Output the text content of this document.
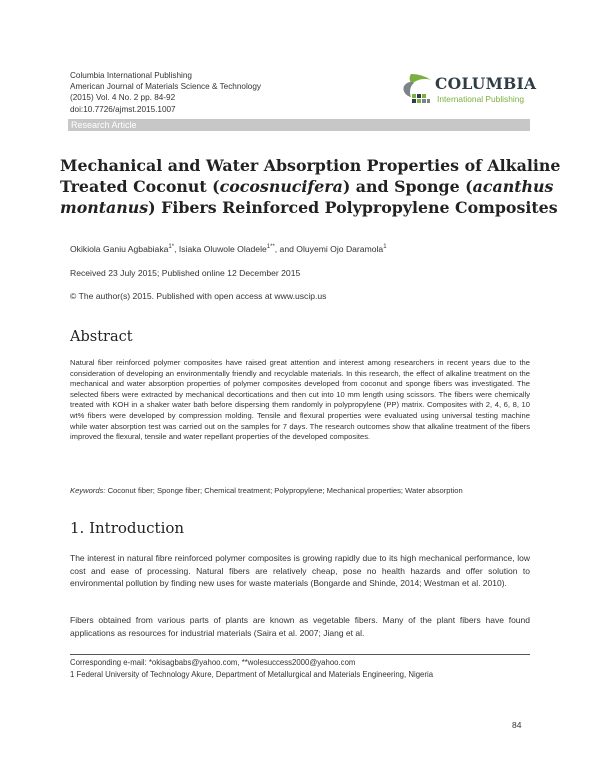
Columbia International Publishing
American Journal of Materials Science & Technology
(2015) Vol. 4 No. 2 pp. 84-92
doi:10.7726/ajmst.2015.1007
Research Article
COLUMBIA
International Publishing
Mechanical and Water Absorption Properties of Alkaline
Treated Coconut (cocosnucifera) and Sponge (acanthus
montanus) Fibers Reinforced Polypropylene Composites
Okikiola Ganiu Agbabiaka$^{1*}$, Isiaka Oluwole Oladele$^{1**}$, and Oluyemi Ojo Daramola$^1$
Received 23 July 2015; Published online 12 December 2015
© The author(s) 2015. Published with open access at www.uscip.us
Abstract
Natural fiber reinforced polymer composites have raised great attention and interest among researchers in recent years due to the consideration of developing an environmentally friendly and recyclable materials. In this research, the effect of alkaline treatment on the mechanical and water absorption properties of polymer composites developed from coconut and sponge fibers was investigated. The selected fibers were extracted by mechanical decortications and then cut into 10 mm length using scissors. The fibers were chemically treated with KOH in a shaker water bath before dispersing them randomly in polypropylene (PP) matrix. Composites with 2, 4, 6, 8, 10 wt% fibers were developed by compression molding. Tensile and flexural properties were evaluated using universal testing machine while water absorption test was carried out on the samples for 7 days. The research outcomes show that alkaline treatment of the fibers improved the flexural, tensile and water repellant properties of the developed composites.
Keywords: Coconut fiber; Sponge fiber; Chemical treatment; Polypropylene; Mechanical properties; Water absorption
1. Introduction
The interest in natural fibre reinforced polymer composites is growing rapidly due to its high mechanical performance, low cost and ease of processing. Natural fibers are relatively cheap, pose no health hazards and offer solution to environmental pollution by finding new uses for waste materials (Bongarde and Shinde, 2014; Westman et al. 2010).
Fibers obtained from various parts of plants are known as vegetable fibers. Many of the plant fibers have found applications as resources for industrial materials (Saira et al. 2007; Jiang et al.
Corresponding e-mail: *okisagbabs@yahoo.com, **wolesuccess2000@yahoo.com
1 Federal University of Technology Akure, Department of Metallurgical and Materials Engineering, Nigeria
84
